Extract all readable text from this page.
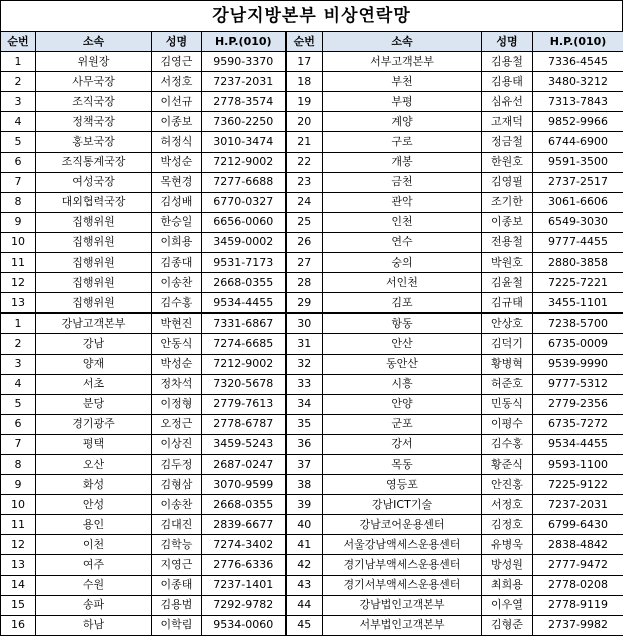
강남지방본부 비상연락망
순번	소속	성명	H.P.(010)	순번	소속	성명	H.P.(010)
1	위원장	김영근	9590-3370	17	서부고객본부	김용철	7336-4545
2	사무국장	서정호	7237-2031	18	부천	김용태	3480-3212
3	조직국장	이선규	2778-3574	19	부평	심유선	7313-7843
4	정책국장	이종보	7360-2250	20	계양	고재덕	9852-9966
5	홍보국장	허정식	3010-3474	21	구로	정금철	6744-6900
6	조직통계국장	박성순	7212-9002	22	개봉	한원호	9591-3500
7	여성국장	목현경	7277-6688	23	금천	김영필	2737-2517
8	대외협력국장	김성배	6770-0327	24	관악	조기한	3061-6606
9	집행위원	한승일	6656-0060	25	인천	이종보	6549-3030
10	집행위원	이희용	3459-0002	26	연수	전용철	9777-4455
11	집행위원	김종대	9531-7173	27	숭의	박원호	2880-3858
12	집행위원	이송찬	2668-0355	28	서인천	김윤철	7225-7221
13	집행위원	김수홍	9534-4455	29	김포	김규태	3455-1101
1	강남고객본부	박현진	7331-6867	30	항동	안상호	7238-5700
2	강남	안동식	7274-6685	31	안산	김덕기	6735-0009
3	양재	박성순	7212-9002	32	동안산	황병혁	9539-9990
4	서초	정차석	7320-5678	33	시흥	허준호	9777-5312
5	분당	이정형	2779-7613	34	안양	민동식	2779-2356
6	경기광주	오정근	2778-6787	35	군포	이평수	6735-7272
7	평택	이상진	3459-5243	36	강서	김수홍	9534-4455
8	오산	김두정	2687-0247	37	목동	황준식	9593-1100
9	화성	김형삼	3070-9599	38	영등포	안진홍	7225-9122
10	안성	이송찬	2668-0355	39	강남ICT기술	서정호	7237-2031
11	용인	김대진	2839-6677	40	강남코어운용센터	김정호	6799-6430
12	이천	김학능	7274-3402	41	서울강남액세스운용센터	유병욱	2838-4842
13	여주	지영근	2776-6336	42	경기남부액세스운용센터	방성원	2777-9472
14	수원	이종태	7237-1401	43	경기서부액세스운용센터	최희용	2778-0208
15	송파	김용범	7292-9782	44	강남법인고객본부	이우열	2778-9119
16	하남	이학림	9534-0060	45	서부법인고객본부	김형준	2737-9982
